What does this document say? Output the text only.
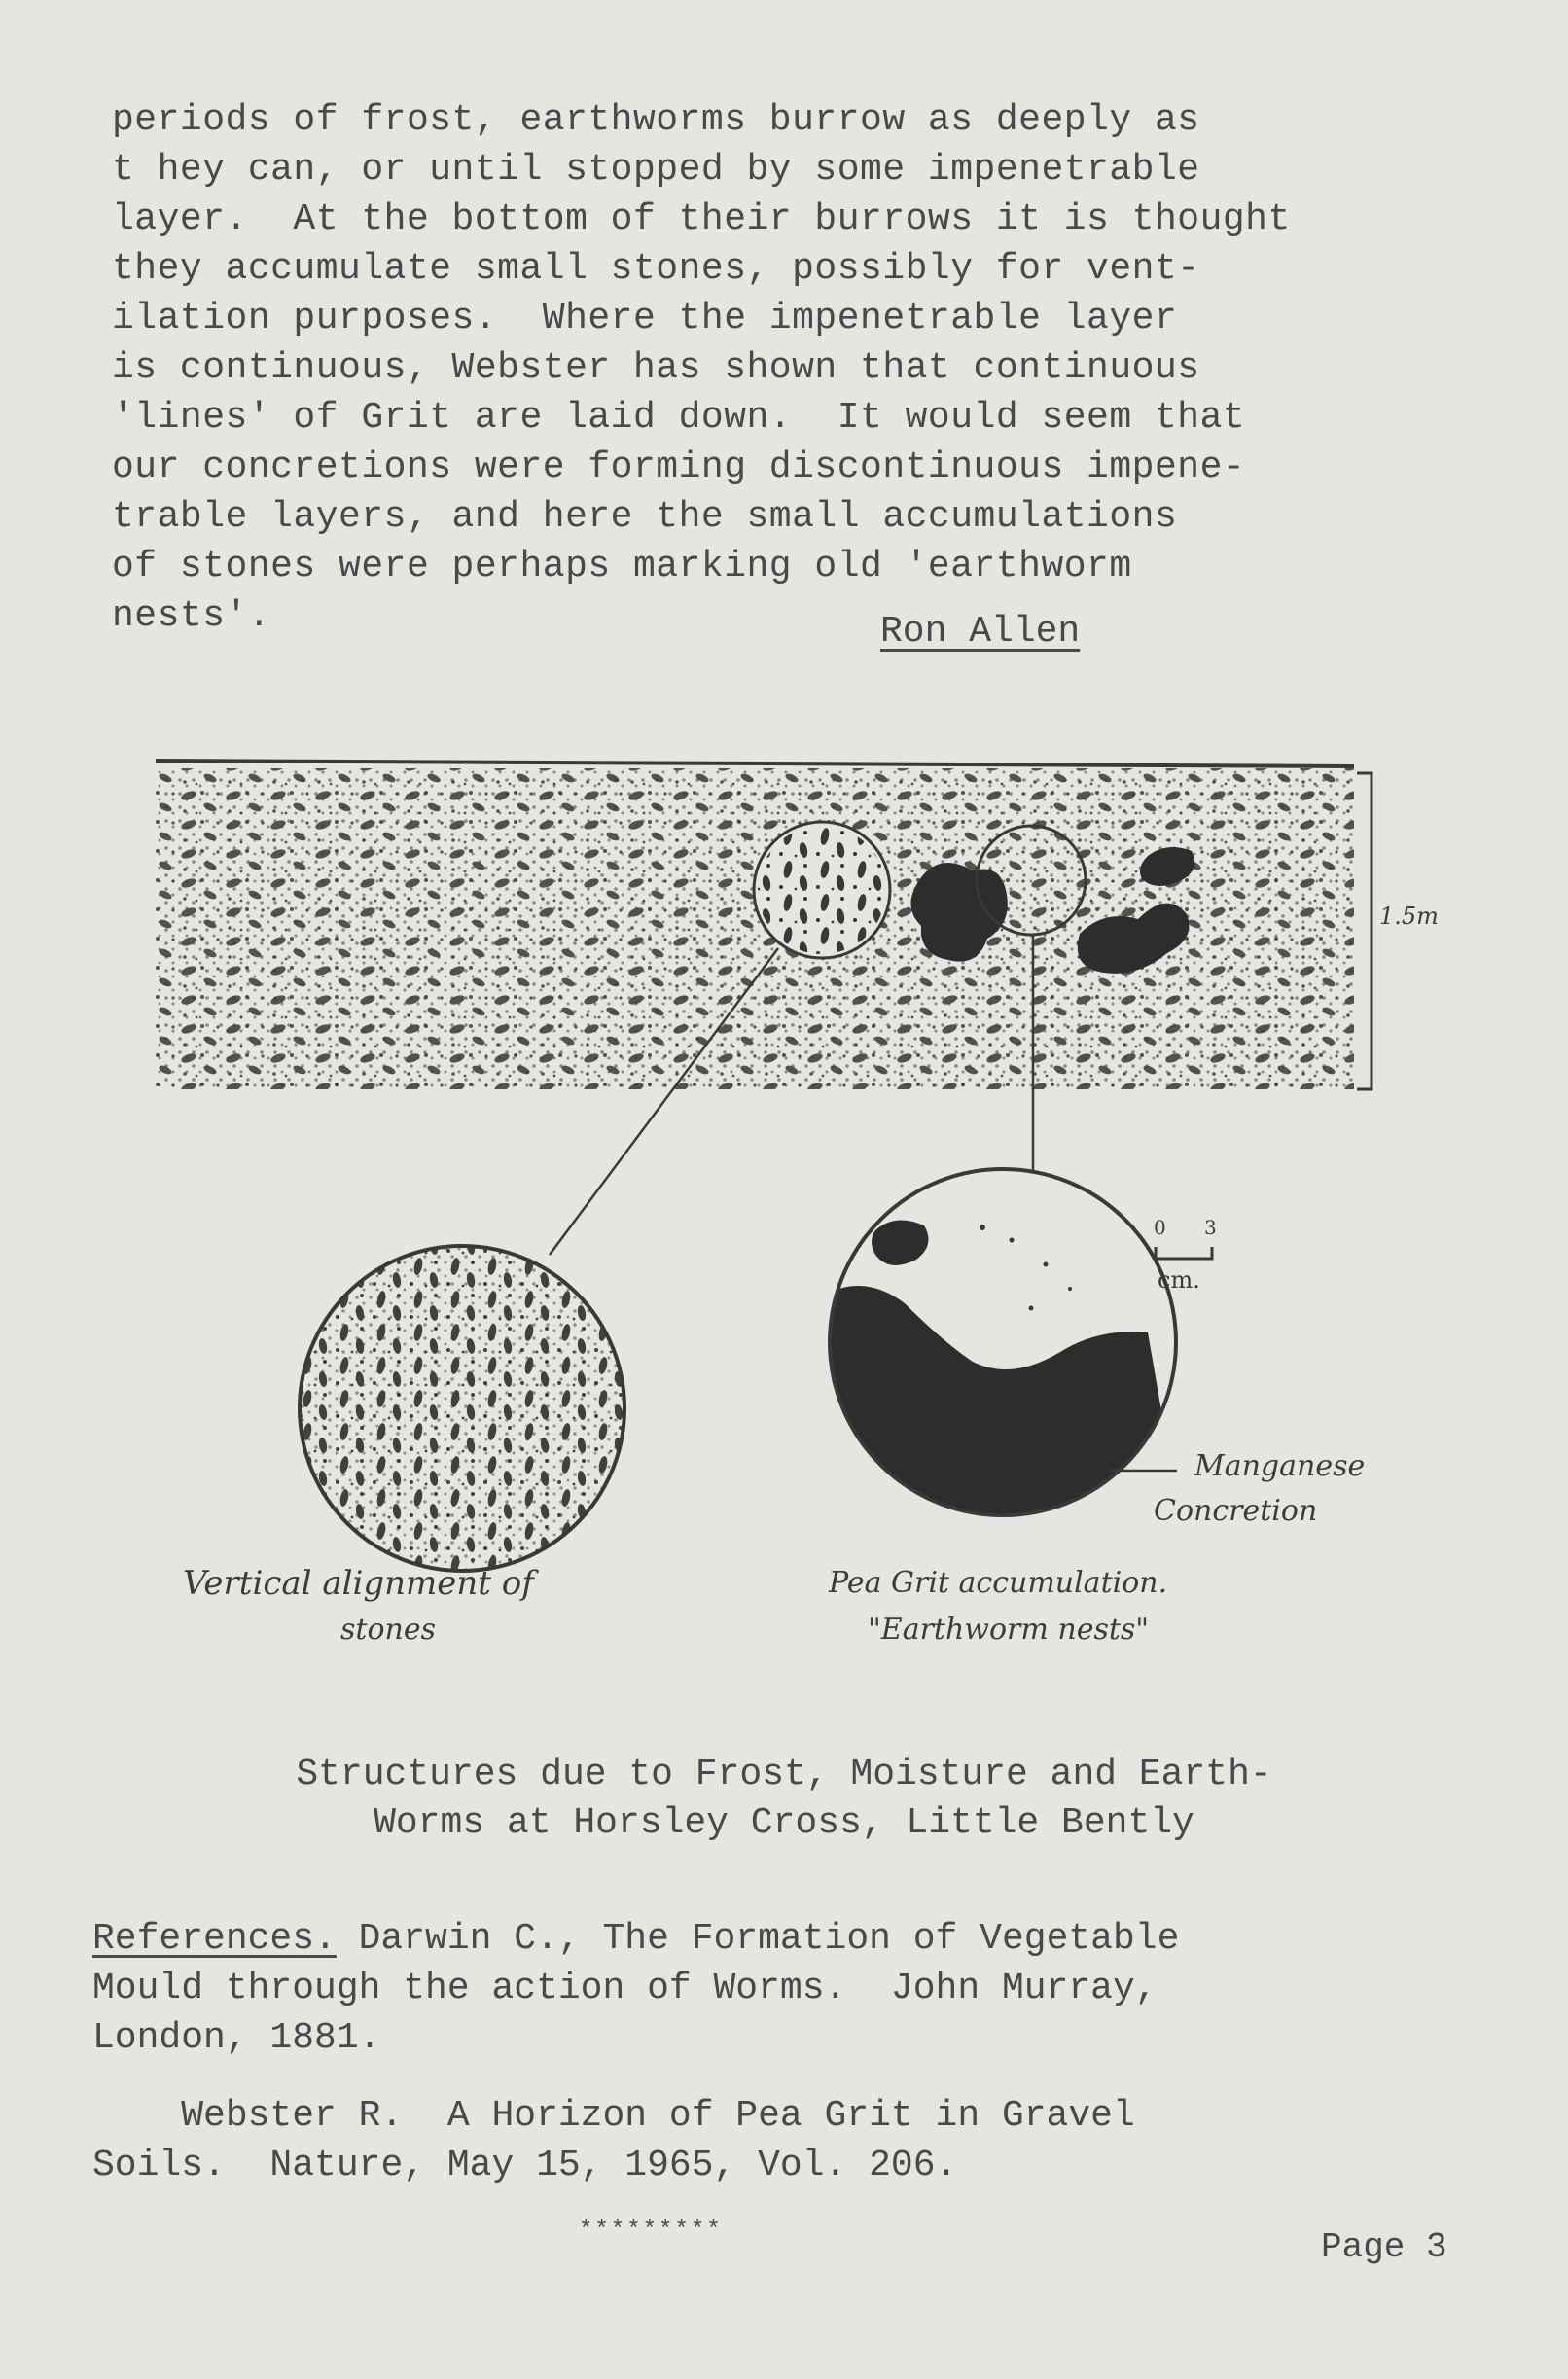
periods of frost, earthworms burrow as deeply as

t hey can, or until stopped by some impenetrable

layer.  At the bottom of their burrows it is thought

they accumulate small stones, possibly for vent-

ilation purposes.  Where the impenetrable layer

is continuous, Webster has shown that continuous

'lines' of Grit are laid down.  It would seem that

our concretions were forming discontinuous impene-

trable layers, and here the small accumulations

of stones were perhaps marking old 'earthworm

nests'.	Ron Allen
1.5m
0 3
cm.
Manganese
Concretion
Vertical alignment of
stones
Pea Grit accumulation.
"Earthworm nests"
Structures due to Frost, Moisture and Earth-
Worms at Horsley Cross, Little Bently

References. Darwin C., The Formation of Vegetable

Mould through the action of Worms.  John Murray,

London, 1881.

Webster R.  A Horizon of Pea Grit in Gravel

Soils.  Nature, May 15, 1965, Vol. 206.

*********	Page 3
